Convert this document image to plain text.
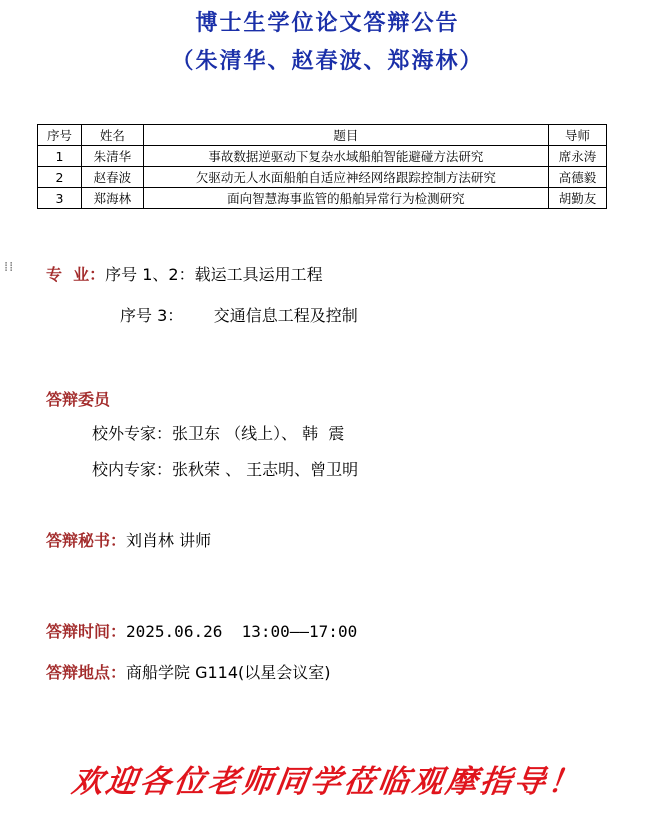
博士生学位论文答辩公告
（朱清华、赵春波、郑海林）
序号	姓名	题目	导师
1	朱清华	事故数据逆驱动下复杂水域船舶智能避碰方法研究	席永涛
2	赵春波	欠驱动无人水面船舶自适应神经网络跟踪控制方法研究	高德毅
3	郑海林	面向智慧海事监管的船舶异常行为检测研究	胡勤友
⁞⁞ 专  业：序号 1、2：载运工具运用工程
序号 3：      交通信息工程及控制
答辩委员
校外专家：张卫东 （线上）、 韩  震
校内专家：张秋荣 、 王志明、曾卫明
答辩秘书：刘肖林 讲师
答辩时间：2025.06.26  13:00——17:00
答辩地点：商船学院 G114(以星会议室)
欢迎各位老师同学莅临观摩指导！
